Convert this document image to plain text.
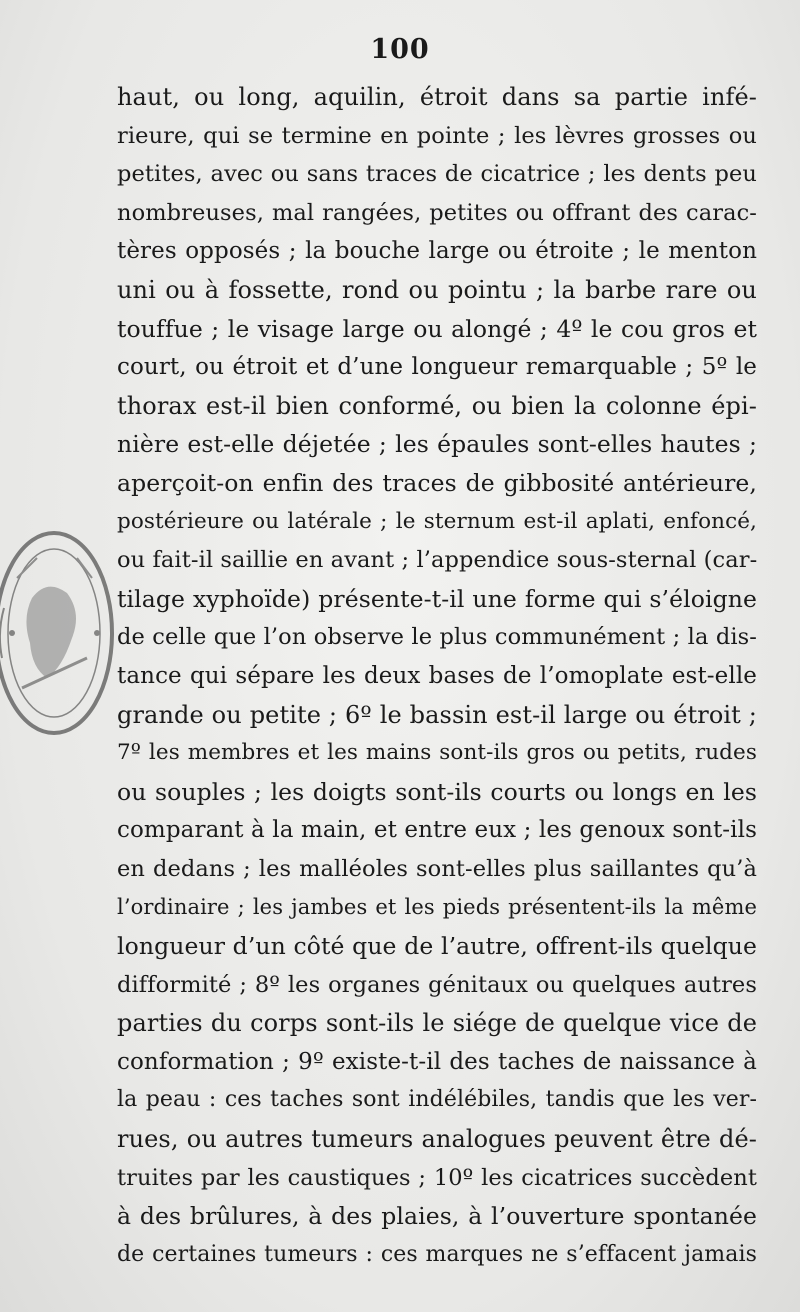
100
haut, ou long, aquilin, étroit dans sa partie infé-
rieure, qui se termine en pointe ; les lèvres grosses ou
petites, avec ou sans traces de cicatrice ; les dents peu
nombreuses, mal rangées, petites ou offrant des carac-
tères opposés ; la bouche large ou étroite ; le menton
uni ou à fossette, rond ou pointu ; la barbe rare ou
touffue ; le visage large ou alongé ; 4º le cou gros et
court, ou étroit et d’une longueur remarquable ; 5º le
thorax est-il bien conformé, ou bien la colonne épi-
nière est-elle déjetée ; les épaules sont-elles hautes ;
aperçoit-on enfin des traces de gibbosité antérieure,
postérieure ou latérale ; le sternum est-il aplati, enfoncé,
ou fait-il saillie en avant ; l’appendice sous-sternal (car-
tilage xyphoïde) présente-t-il une forme qui s’éloigne
de celle que l’on observe le plus communément ; la dis-
tance qui sépare les deux bases de l’omoplate est-elle
grande ou petite ; 6º le bassin est-il large ou étroit ;
7º les membres et les mains sont-ils gros ou petits, rudes
ou souples ; les doigts sont-ils courts ou longs en les
comparant à la main, et entre eux ; les genoux sont-ils
en dedans ; les malléoles sont-elles plus saillantes qu’à
l’ordinaire ; les jambes et les pieds présentent-ils la même
longueur d’un côté que de l’autre, offrent-ils quelque
difformité ; 8º les organes génitaux ou quelques autres
parties du corps sont-ils le siége de quelque vice de
conformation ; 9º existe-t-il des taches de naissance à
la peau : ces taches sont indélébiles, tandis que les ver-
rues, ou autres tumeurs analogues peuvent être dé-
truites par les caustiques ; 10º les cicatrices succèdent
à des brûlures, à des plaies, à l’ouverture spontanée
de certaines tumeurs : ces marques ne s’effacent jamais
